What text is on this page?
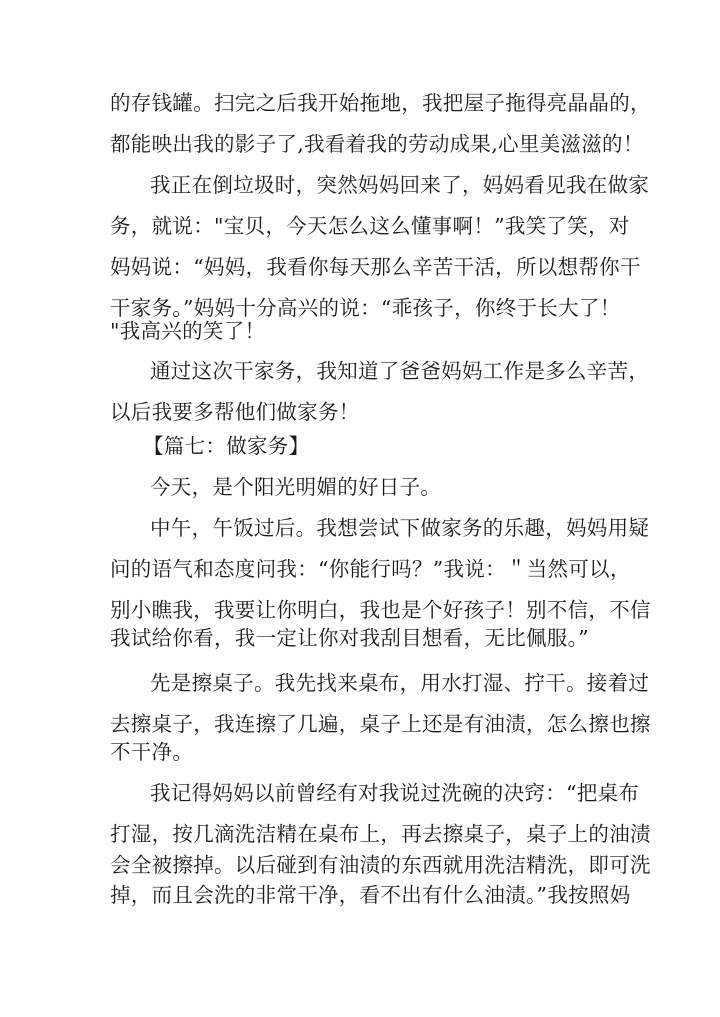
的存钱罐。扫完之后我开始拖地，我把屋子拖得亮晶晶的，
都能映出我的影子了,我看着我的劳动成果,心里美滋滋的！
我正在倒垃圾时，突然妈妈回来了，妈妈看见我在做家
务，就说："宝贝，今天怎么这么懂事啊！”我笑了笑，对
妈妈说：“妈妈，我看你每天那么辛苦干活，所以想帮你干
干家务。”妈妈十分高兴的说：“乖孩子，你终于长大了！
"我高兴的笑了！
通过这次干家务，我知道了爸爸妈妈工作是多么辛苦，
以后我要多帮他们做家务！
【篇七：做家务】
今天，是个阳光明媚的好日子。
中午，午饭过后。我想尝试下做家务的乐趣，妈妈用疑
问的语气和态度问我：“你能行吗？”我说：＂当然可以，
别小瞧我，我要让你明白，我也是个好孩子！别不信，不信
我试给你看，我一定让你对我刮目想看，无比佩服。”
先是擦桌子。我先找来桌布，用水打湿、拧干。接着过
去擦桌子，我连擦了几遍，桌子上还是有油渍，怎么擦也擦
不干净。
我记得妈妈以前曾经有对我说过洗碗的决窍：“把桌布
打湿，按几滴洗洁精在桌布上，再去擦桌子，桌子上的油渍
会全被擦掉。以后碰到有油渍的东西就用洗洁精洗，即可洗
掉，而且会洗的非常干净，看不出有什么油渍。”我按照妈
